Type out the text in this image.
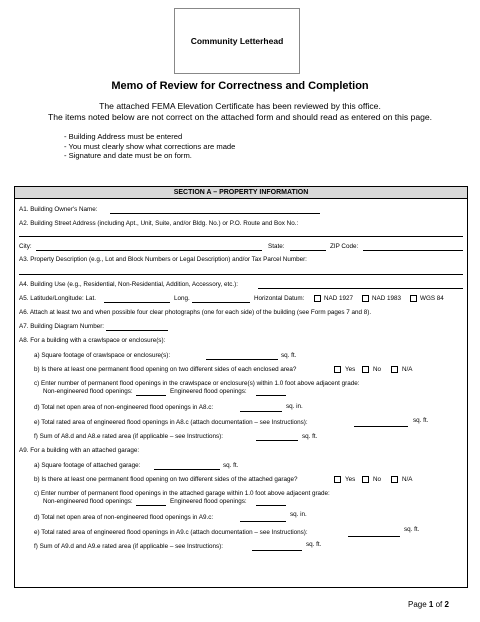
Community Letterhead
Memo of Review for Correctness and Completion
The attached FEMA Elevation Certificate has been reviewed by this office.
The items noted below are not correct on the attached form and should read as entered on this page.
- Building Address must be entered
- You must clearly show what corrections are made
- Signature and date must be on form.
SECTION A – PROPERTY INFORMATION
A1. Building Owner's Name:
A2. Building Street Address (including Apt., Unit, Suite, and/or Bldg. No.) or P.O. Route and Box No.:
City:	State:	ZIP Code:
A3. Property Description (e.g., Lot and Block Numbers or Legal Description) and/or Tax Parcel Number:
A4. Building Use (e.g., Residential, Non-Residential, Addition, Accessory, etc.):
A5. Latitude/Longitude: Lat.	Long.	Horizontal Datum:	NAD 1927	NAD 1983	WGS 84
A6. Attach at least two and when possible four clear photographs (one for each side) of the building (see Form pages 7 and 8).
A7. Building Diagram Number:
A8. For a building with a crawlspace or enclosure(s):
a) Square footage of crawlspace or enclosure(s):	sq. ft.
b) Is there at least one permanent flood opening on two different sides of each enclosed area?	Yes	No	N/A
c) Enter number of permanent flood openings in the crawlspace or enclosure(s) within 1.0 foot above adjacent grade:
Non-engineered flood openings:	Engineered flood openings:
d) Total net open area of non-engineered flood openings in A8.c:	sq. in.
e) Total rated area of engineered flood openings in A8.c (attach documentation – see Instructions):	sq. ft.
f) Sum of A8.d and A8.e rated area (if applicable – see Instructions):	sq. ft.
A9. For a building with an attached garage:
a) Square footage of attached garage:	sq. ft.
b) Is there at least one permanent flood opening on two different sides of the attached garage?	Yes	No	N/A
c) Enter number of permanent flood openings in the attached garage within 1.0 foot above adjacent grade:
Non-engineered flood openings:	Engineered flood openings:
d) Total net open area of non-engineered flood openings in A9.c:	sq. in.
e) Total rated area of engineered flood openings in A9.c (attach documentation – see Instructions):	sq. ft.
f) Sum of A9.d and A9.e rated area (if applicable – see Instructions):	sq. ft.
Page 1 of 2
